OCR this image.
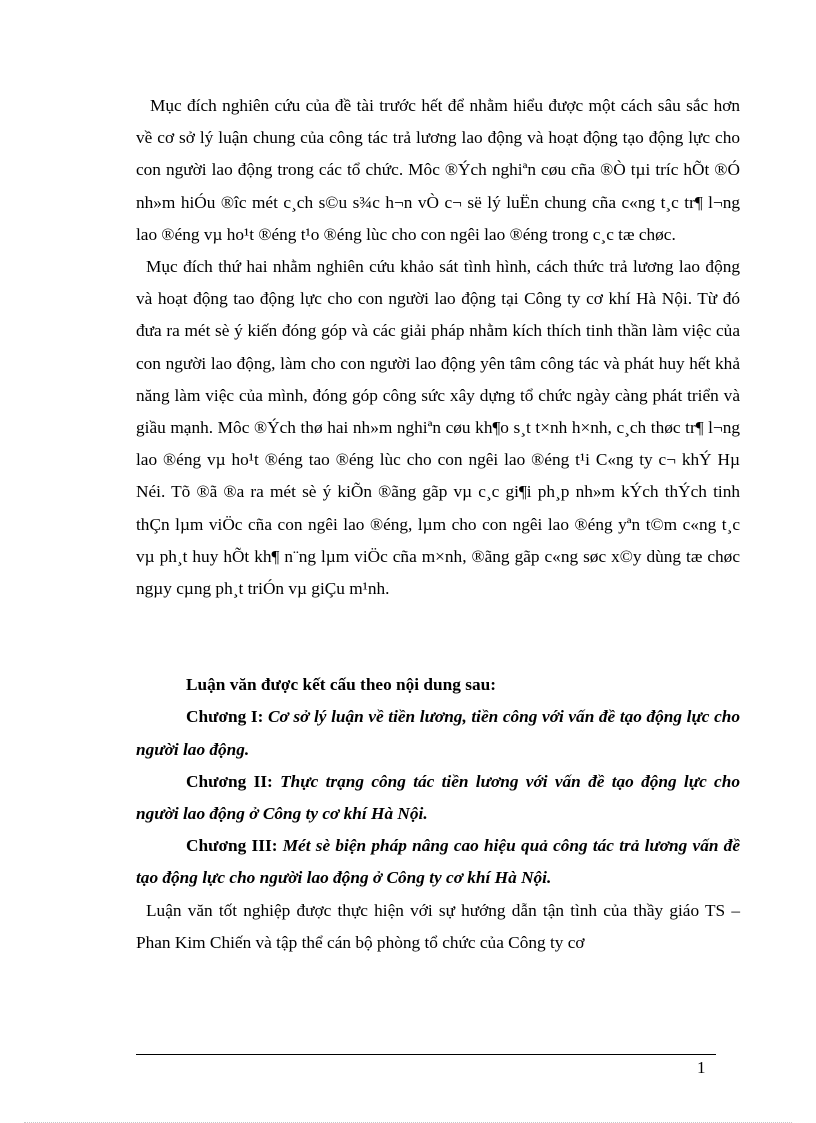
Mục đích nghiên cứu của đề tài trước hết để nhằm hiểu được một cách sâu sắc hơn về cơ sở lý luận chung của công tác trả lương lao động và hoạt động tạo động lực cho con người lao động trong các tổ chức. Môc ®Ých nghiªn cøu cña ®Ò tµi tríc hÕt ®Ó nh»m hiÓu ®îc mét c¸ch s©u s¾c h¬n vÒ c¬ së lý luËn chung cña c«ng t¸c tr¶ l¬ng lao ®éng vµ ho¹t ®éng t¹o ®éng lùc cho con ngêi lao ®éng trong c¸c tæ chøc.

Mục đích thứ hai nhằm nghiên cứu khảo sát tình hình, cách thức trả lương lao động và hoạt động tao động lực cho con người lao động tại Công ty cơ khí Hà Nội. Từ đó đưa ra mét sè ý kiến đóng góp và các giải pháp nhằm kích thích tinh thần làm việc của con người lao động, làm cho con người lao động yên tâm công tác và phát huy hết khả năng làm việc của mình, đóng góp công sức xây dựng tổ chức ngày càng phát triển và giầu mạnh. Môc ®Ých thø hai nh»m nghiªn cøu kh¶o s¸t t×nh h×nh, c¸ch thøc tr¶ l¬ng lao ®éng vµ ho¹t ®éng tao ®éng lùc cho con ngêi lao ®éng t¹i C«ng ty c¬ khÝ Hµ Néi. Tõ ®ã ®a ra mét sè ý kiÕn ®ãng gãp vµ c¸c gi¶i ph¸p nh»m kÝch thÝch tinh thÇn lµm viÖc cña con ngêi lao ®éng, lµm cho con ngêi lao ®éng yªn t©m c«ng t¸c vµ ph¸t huy hÕt kh¶ n¨ng lµm viÖc cña m×nh, ®ãng gãp c«ng søc x©y dùng tæ chøc ngµy cµng ph¸t triÓn vµ giÇu m¹nh.

Luận văn được kết cấu theo nội dung sau:

Chương I: Cơ sở lý luận về tiền lương, tiền công với vấn đề tạo động lực cho người lao động.

Chương II: Thực trạng công tác tiền lương với vấn đề tạo động lực cho người lao động ở Công ty cơ khí Hà Nội.

Chương III: Mét sè biện pháp nâng cao hiệu quả công tác trả lương vấn đề tạo động lực cho người lao động ở Công ty cơ khí Hà Nội.

Luận văn tốt nghiệp được thực hiện với sự hướng dẫn tận tình của thầy giáo TS – Phan Kim Chiến và tập thể cán bộ phòng tổ chức của Công ty cơ

1
